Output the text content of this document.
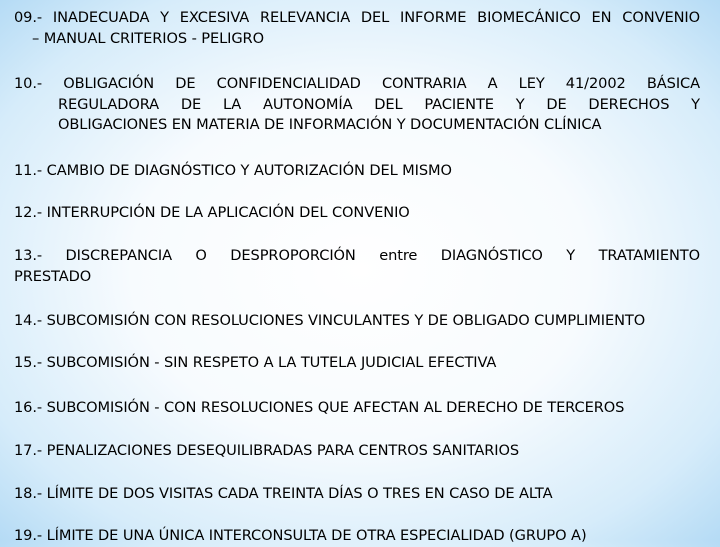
09.- INADECUADA Y EXCESIVA RELEVANCIA DEL INFORME BIOMECÁNICO EN CONVENIO
– MANUAL CRITERIOS - PELIGRO
10.- OBLIGACIÓN DE CONFIDENCIALIDAD CONTRARIA A LEY 41/2002 BÁSICA
REGULADORA DE LA AUTONOMÍA DEL PACIENTE Y DE DERECHOS Y
OBLIGACIONES EN MATERIA DE INFORMACIÓN Y DOCUMENTACIÓN CLÍNICA
11.- CAMBIO DE DIAGNÓSTICO Y AUTORIZACIÓN DEL MISMO
12.- INTERRUPCIÓN DE LA APLICACIÓN DEL CONVENIO
13.- DISCREPANCIA O DESPROPORCIÓN entre DIAGNÓSTICO Y TRATAMIENTO
PRESTADO
14.- SUBCOMISIÓN CON RESOLUCIONES VINCULANTES Y DE OBLIGADO CUMPLIMIENTO
15.- SUBCOMISIÓN - SIN RESPETO A LA TUTELA JUDICIAL EFECTIVA
16.- SUBCOMISIÓN - CON RESOLUCIONES QUE AFECTAN AL DERECHO DE TERCEROS
17.- PENALIZACIONES DESEQUILIBRADAS PARA CENTROS SANITARIOS
18.- LÍMITE DE DOS VISITAS CADA TREINTA DÍAS O TRES EN CASO DE ALTA
19.- LÍMITE DE UNA ÚNICA INTERCONSULTA DE OTRA ESPECIALIDAD (GRUPO A)
